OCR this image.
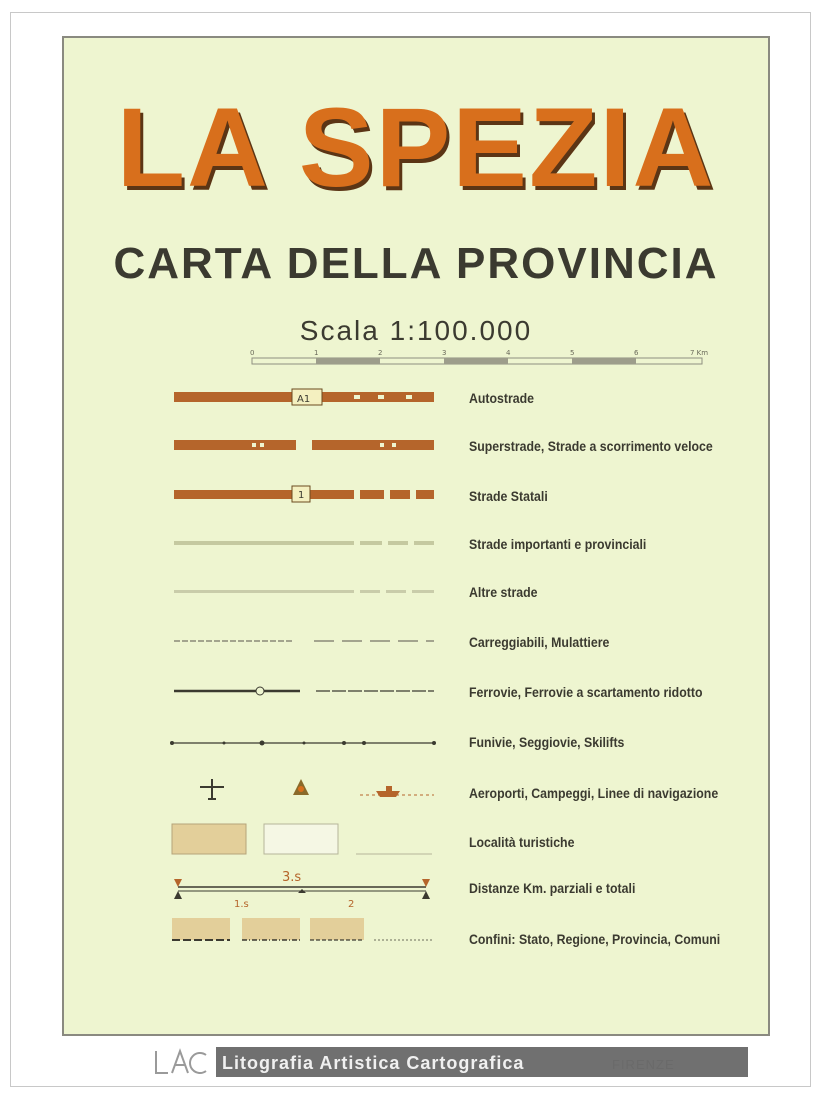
LA SPEZIA
CARTA DELLA PROVINCIA
Scala 1:100.000
0	1	2	3	4	5	6	7 Km
A1	Autostrade
Superstrade, Strade a scorrimento veloce
1	Strade Statali
Strade importanti e provinciali
Altre strade
Carreggiabili, Mulattiere
Ferrovie, Ferrovie a scartamento ridotto
Funivie, Seggiovie, Skilifts
Aeroporti, Campeggi, Linee di navigazione
Località turistiche
3.s
1.s	2
Distanze Km. parziali e totali
Confini: Stato, Regione, Provincia, Comuni
Litografia Artistica Cartografica	FIRENZE
